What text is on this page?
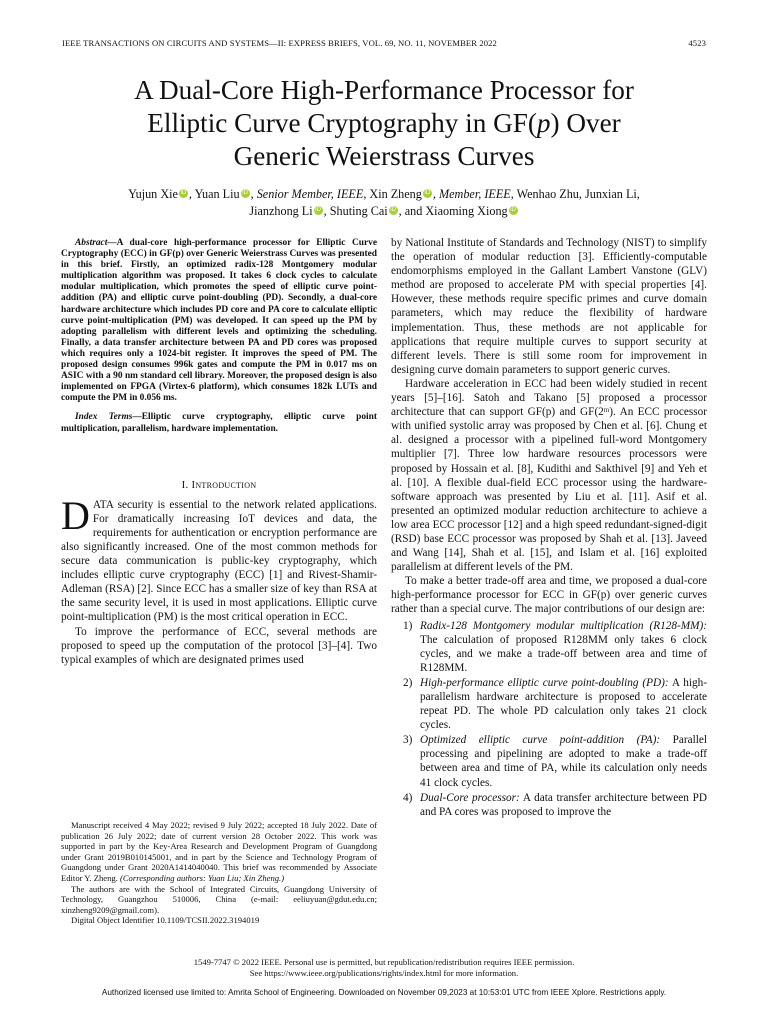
IEEE TRANSACTIONS ON CIRCUITS AND SYSTEMS—II: EXPRESS BRIEFS, VOL. 69, NO. 11, NOVEMBER 2022	4523
A Dual-Core High-Performance Processor for
Elliptic Curve Cryptography in GF(p) Over
Generic Weierstrass Curves
Yujun Xie iD , Yuan Liu iD , Senior Member, IEEE, Xin Zheng iD , Member, IEEE, Wenhao Zhu, Junxian Li,
Jianzhong Li iD , Shuting Cai iD , and Xiaoming Xiong iD

Abstract—A dual-core high-performance processor for Elliptic Curve Cryptography (ECC) in GF(p) over Generic Weierstrass Curves was presented in this brief. Firstly, an optimized radix-128 Montgomery modular multiplication algorithm was proposed. It takes 6 clock cycles to calculate modular multiplication, which promotes the speed of elliptic curve point-addition (PA) and elliptic curve point-doubling (PD). Secondly, a dual-core hardware architecture which includes PD core and PA core to calculate elliptic curve point-multiplication (PM) was developed. It can speed up the PM by adopting parallelism with different levels and optimizing the scheduling. Finally, a data transfer architecture between PA and PD cores was proposed which requires only a 1024-bit register. It improves the speed of PM. The proposed design consumes 996k gates and compute the PM in 0.017 ms on ASIC with a 90 nm standard cell library. Moreover, the proposed design is also implemented on FPGA (Virtex-6 platform), which consumes 182k LUTs and compute the PM in 0.056 ms.

Index Terms—Elliptic curve cryptography, elliptic curve point multiplication, parallelism, hardware implementation.

I. Introduction

DATA security is essential to the network related applications. For dramatically increasing IoT devices and data, the requirements for authentication or encryption performance are also significantly increased. One of the most common methods for secure data communication is public-key cryptography, which includes elliptic curve cryptography (ECC) [1] and Rivest-Shamir-Adleman (RSA) [2]. Since ECC has a smaller size of key than RSA at the same security level, it is used in most applications. Elliptic curve point-multiplication (PM) is the most critical operation in ECC.

To improve the performance of ECC, several methods are proposed to speed up the computation of the protocol [3]–[4]. Two typical examples of which are designated primes used

Manuscript received 4 May 2022; revised 9 July 2022; accepted 18 July 2022. Date of publication 26 July 2022; date of current version 28 October 2022. This work was supported in part by the Key-Area Research and Development Program of Guangdong under Grant 2019B010145001, and in part by the Science and Technology Program of Guangdong under Grant 2020A1414040040. This brief was recommended by Associate Editor Y. Zheng. (Corresponding authors: Yuan Liu; Xin Zheng.)

The authors are with the School of Integrated Circuits, Guangdong University of Technology, Guangzhou 510006, China (e-mail: eeliuyuan@gdut.edu.cn; xinzheng9209@gmail.com).

Digital Object Identifier 10.1109/TCSII.2022.3194019

by National Institute of Standards and Technology (NIST) to simplify the operation of modular reduction [3]. Efficiently-computable endomorphisms employed in the Gallant Lambert Vanstone (GLV) method are proposed to accelerate PM with special properties [4]. However, these methods require specific primes and curve domain parameters, which may reduce the flexibility of hardware implementation. Thus, these methods are not applicable for applications that require multiple curves to support security at different levels. There is still some room for improvement in designing curve domain parameters to support generic curves.

Hardware acceleration in ECC had been widely studied in recent years [5]–[16]. Satoh and Takano [5] proposed a processor architecture that can support GF(p) and GF(2ᵐ). An ECC processor with unified systolic array was proposed by Chen et al. [6]. Chung et al. designed a processor with a pipelined full-word Montgomery multiplier [7]. Three low hardware resources processors were proposed by Hossain et al. [8], Kudithi and Sakthivel [9] and Yeh et al. [10]. A flexible dual-field ECC processor using the hardware-software approach was presented by Liu et al. [11]. Asif et al. presented an optimized modular reduction architecture to achieve a low area ECC processor [12] and a high speed redundant-signed-digit (RSD) base ECC processor was proposed by Shah et al. [13]. Javeed and Wang [14], Shah et al. [15], and Islam et al. [16] exploited parallelism at different levels of the PM.

To make a better trade-off area and time, we proposed a dual-core high-performance processor for ECC in GF(p) over generic curves rather than a special curve. The major contributions of our design are:

1) Radix-128 Montgomery modular multiplication (R128-MM): The calculation of proposed R128MM only takes 6 clock cycles, and we make a trade-off between area and time of R128MM.
2) High-performance elliptic curve point-doubling (PD): A high-parallelism hardware architecture is proposed to accelerate repeat PD. The whole PD calculation only takes 21 clock cycles.
3) Optimized elliptic curve point-addition (PA): Parallel processing and pipelining are adopted to make a trade-off between area and time of PA, while its calculation only needs 41 clock cycles.
4) Dual-Core processor: A data transfer architecture between PD and PA cores was proposed to improve the
1549-7747 © 2022 IEEE. Personal use is permitted, but republication/redistribution requires IEEE permission.
See https://www.ieee.org/publications/rights/index.html for more information.
Authorized licensed use limited to: Amrita School of Engineering. Downloaded on November 09,2023 at 10:53:01 UTC from IEEE Xplore. Restrictions apply.
